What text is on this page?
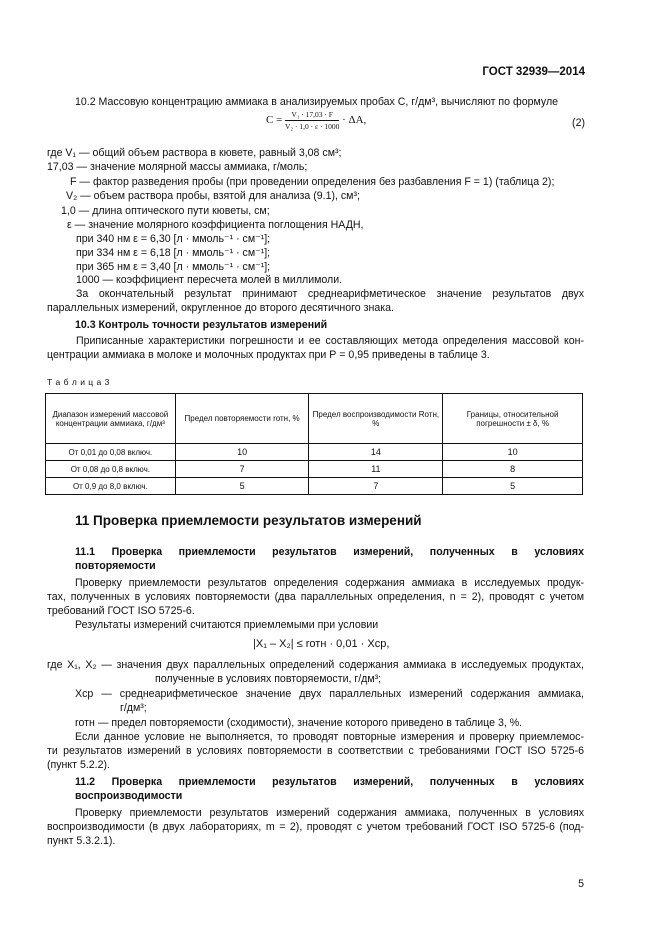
ГОСТ 32939—2014
10.2 Массовую концентрацию аммиака в анализируемых пробах С, г/дм³, вычисляют по формуле
$C = \frac{\text{V₁ · 17,03 · F}}{\text{V₂ · 1,0 · ε · 1000}} \cdot \Delta A$,	(2)
где V₁ — общий объем раствора в кювете, равный 3,08 см³;
17,03 — значение молярной массы аммиака, г/моль;
F — фактор разведения пробы (при проведении определения без разбавления F = 1) (таблица 2);
V₂ — объем раствора пробы, взятой для анализа (9.1), см³;
1,0 — длина оптического пути кюветы, см;
ε — значение молярного коэффициента поглощения НАДН,
при 340 нм ε = 6,30 [л · ммоль⁻¹ · см⁻¹];
при 334 нм ε = 6,18 [л · ммоль⁻¹ · см⁻¹];
при 365 нм ε = 3,40 [л · ммоль⁻¹ · см⁻¹];
1000 — коэффициент пересчета молей в миллимоли.
За окончательный результат принимают среднеарифметическое значение результатов двух
параллельных измерений, округленное до второго десятичного знака.
10.3 Контроль точности результатов измерений
Приписанные характеристики погрешности и ее составляющих метода определения массовой кон-
центрации аммиака в молоке и молочных продуктах при Р = 0,95 приведены в таблице 3.
Т а б л и ц а 3
Диапазон измерений массовой концентрации аммиака, г/дм³	Предел повторяемости rотн, %	Предел воспроизводимости Rотн, %	Границы, относительной погрешности ± δ, %
От 0,01 до 0,08 включ.	10	14	10
От 0,08 до 0,8 включ.	7	11	8
От 0,9 до 8,0 включ.	5	7	5
11 Проверка приемлемости результатов измерений
11.1 Проверка приемлемости результатов измерений, полученных в условиях
повторяемости
Проверку приемлемости результатов определения содержания аммиака в исследуемых продук-
тах, полученных в условиях повторяемости (два параллельных определения, n = 2), проводят с учетом
требований ГОСТ ISO 5725-6.
Результаты измерений считаются приемлемыми при условии
|X₁ – X₂| ≤ rотн · 0,01 · Xср,
где X₁, X₂ — значения двух параллельных определений содержания аммиака в исследуемых продуктах,
полученные в условиях повторяемости, г/дм³;
Xср — среднеарифметическое значение двух параллельных измерений содержания аммиака,
г/дм³;
rотн — предел повторяемости (сходимости), значение которого приведено в таблице 3, %.
Если данное условие не выполняется, то проводят повторные измерения и проверку приемлемос-
ти результатов измерений в условиях повторяемости в соответствии с требованиями ГОСТ ISO 5725-6
(пункт 5.2.2).
11.2 Проверка приемлемости результатов измерений, полученных в условиях
воспроизводимости
Проверку приемлемости результатов измерений содержания аммиака, полученных в условиях
воспроизводимости (в двух лабораториях, m = 2), проводят с учетом требований ГОСТ ISO 5725-6 (под-
пункт 5.3.2.1).
5
